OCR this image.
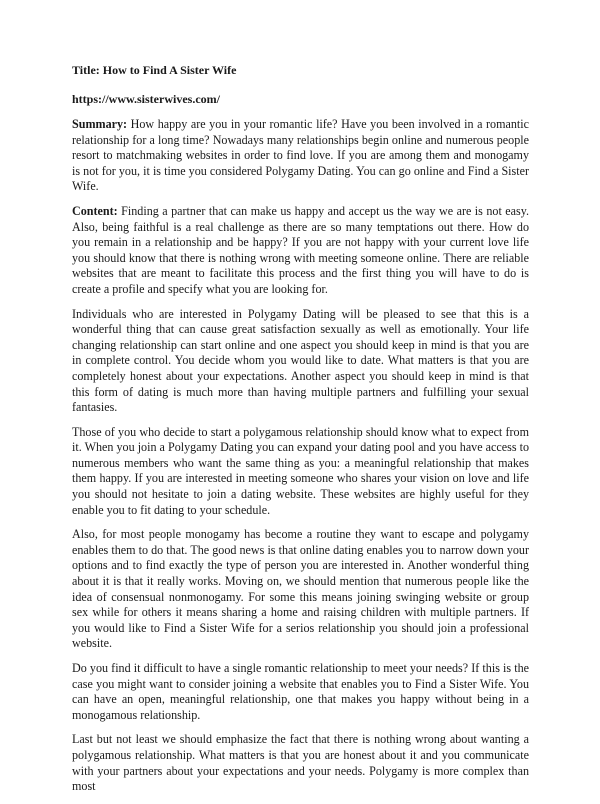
Title: How to Find A Sister Wife
https://www.sisterwives.com/

Summary: How happy are you in your romantic life? Have you been involved in a romantic relationship for a long time? Nowadays many relationships begin online and numerous people resort to matchmaking websites in order to find love. If you are among them and monogamy is not for you, it is time you considered Polygamy Dating. You can go online and Find a Sister Wife.

Content: Finding a partner that can make us happy and accept us the way we are is not easy. Also, being faithful is a real challenge as there are so many temptations out there. How do you remain in a relationship and be happy? If you are not happy with your current love life you should know that there is nothing wrong with meeting someone online. There are reliable websites that are meant to facilitate this process and the first thing you will have to do is create a profile and specify what you are looking for.

Individuals who are interested in Polygamy Dating will be pleased to see that this is a wonderful thing that can cause great satisfaction sexually as well as emotionally. Your life changing relationship can start online and one aspect you should keep in mind is that you are in complete control. You decide whom you would like to date. What matters is that you are completely honest about your expectations. Another aspect you should keep in mind is that this form of dating is much more than having multiple partners and fulfilling your sexual fantasies.

Those of you who decide to start a polygamous relationship should know what to expect from it. When you join a Polygamy Dating you can expand your dating pool and you have access to numerous members who want the same thing as you: a meaningful relationship that makes them happy. If you are interested in meeting someone who shares your vision on love and life you should not hesitate to join a dating website. These websites are highly useful for they enable you to fit dating to your schedule.

Also, for most people monogamy has become a routine they want to escape and polygamy enables them to do that. The good news is that online dating enables you to narrow down your options and to find exactly the type of person you are interested in. Another wonderful thing about it is that it really works. Moving on, we should mention that numerous people like the idea of consensual nonmonogamy. For some this means joining swinging website or group sex while for others it means sharing a home and raising children with multiple partners. If you would like to Find a Sister Wife for a serios relationship you should join a professional website.

Do you find it difficult to have a single romantic relationship to meet your needs? If this is the case you might want to consider joining a website that enables you to Find a Sister Wife. You can have an open, meaningful relationship, one that makes you happy without being in a monogamous relationship.

Last but not least we should emphasize the fact that there is nothing wrong about wanting a polygamous relationship. What matters is that you are honest about it and you communicate with your partners about your expectations and your needs. Polygamy is more complex than most
